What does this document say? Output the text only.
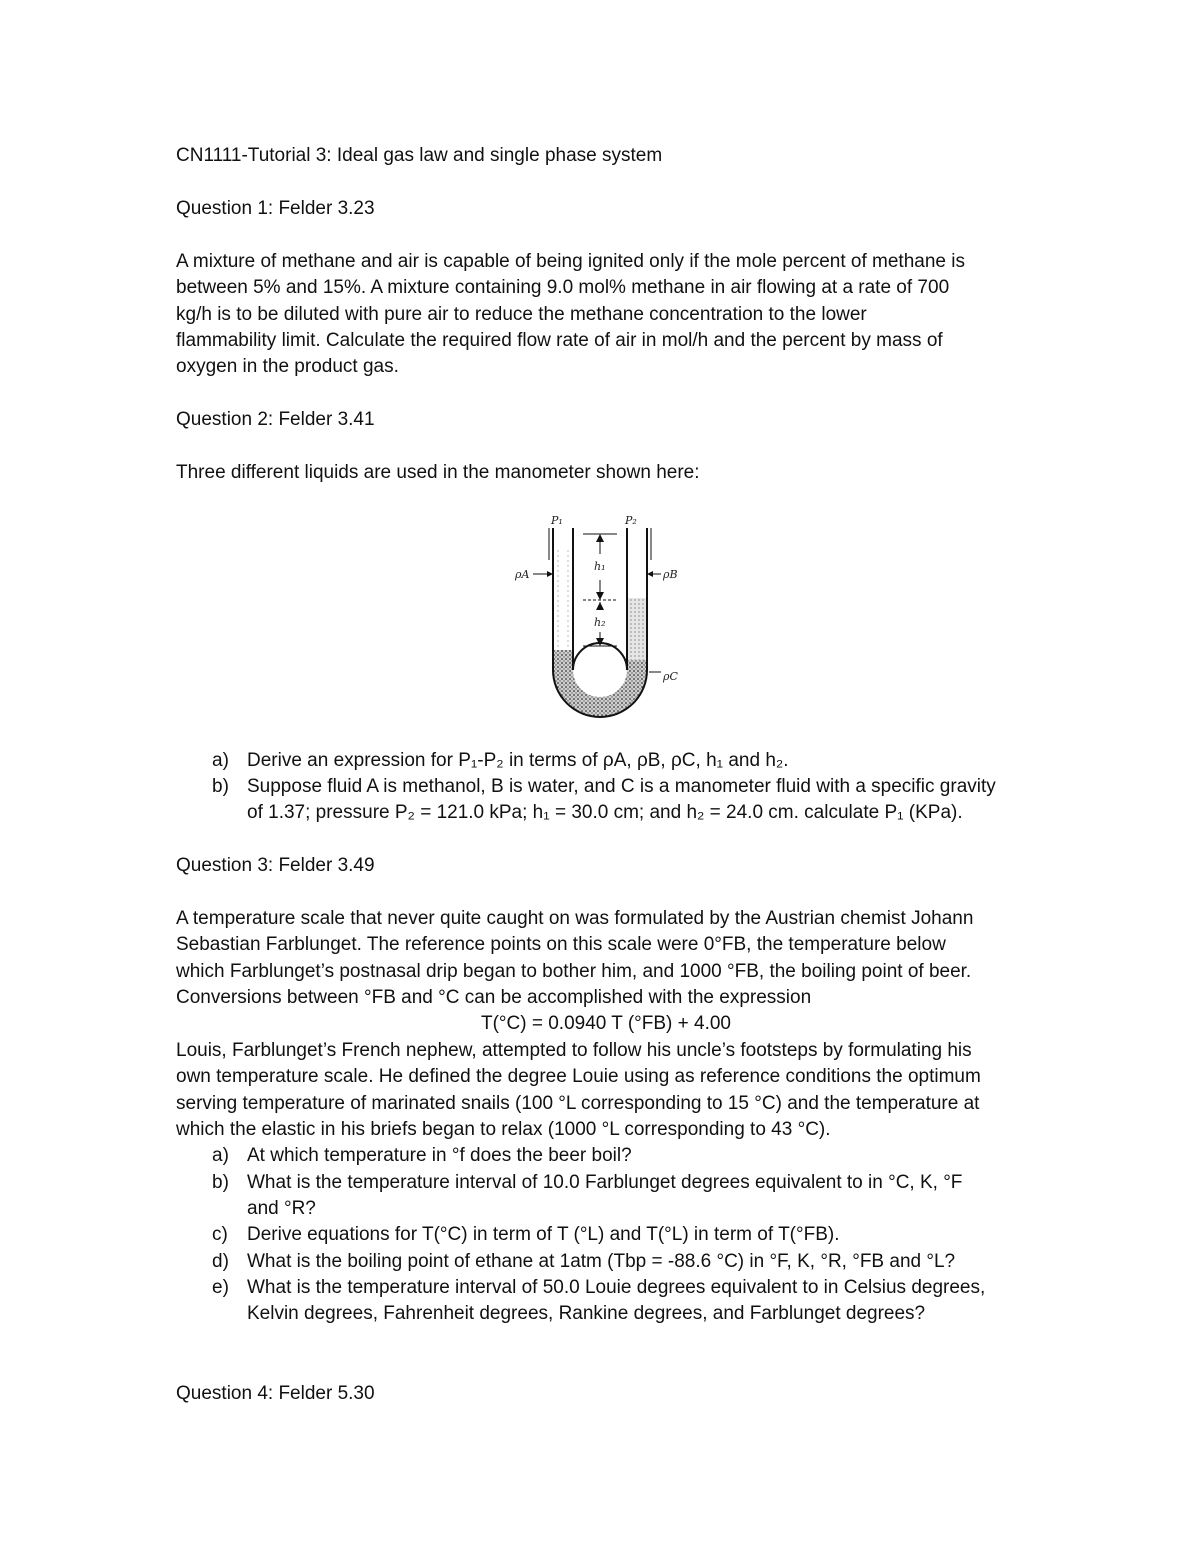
CN1111-Tutorial 3: Ideal gas law and single phase system
Question 1: Felder 3.23

A mixture of methane and air is capable of being ignited only if the mole percent of methane is

between 5% and 15%. A mixture containing 9.0 mol% methane in air flowing at a rate of 700

kg/h is to be diluted with pure air to reduce the methane concentration to the lower

flammability limit. Calculate the required flow rate of air in mol/h and the percent by mass of

oxygen in the product gas.

Question 2: Felder 3.41
Three different liquids are used in the manometer shown here:
P₁	P₂
h₁
h₂
ρA	ρB
ρC
a) Derive an expression for P₁-P₂ in terms of ρA, ρB, ρC, h₁ and h₂.
b) Suppose fluid A is methanol, B is water, and C is a manometer fluid with a specific gravity
of 1.37; pressure P₂ = 121.0 kPa; h₁ = 30.0 cm; and h₂ = 24.0 cm. calculate P₁ (KPa).
Question 3: Felder 3.49

A temperature scale that never quite caught on was formulated by the Austrian chemist Johann

Sebastian Farblunget. The reference points on this scale were 0°FB, the temperature below

which Farblunget’s postnasal drip began to bother him, and 1000 °FB, the boiling point of beer.

Conversions between °FB and °C can be accomplished with the expression

T(°C) = 0.0940 T (°FB) + 4.00

Louis, Farblunget’s French nephew, attempted to follow his uncle’s footsteps by formulating his

own temperature scale. He defined the degree Louie using as reference conditions the optimum

serving temperature of marinated snails (100 °L corresponding to 15 °C) and the temperature at

which the elastic in his briefs began to relax (1000 °L corresponding to 43 °C).

a) At which temperature in °f does the beer boil?
b) What is the temperature interval of 10.0 Farblunget degrees equivalent to in °C, K, °F
and °R?
c) Derive equations for T(°C) in term of T (°L) and T(°L) in term of T(°FB).
d) What is the boiling point of ethane at 1atm (Tbp = -88.6 °C) in °F, K, °R, °FB and °L?
e) What is the temperature interval of 50.0 Louie degrees equivalent to in Celsius degrees,
Kelvin degrees, Fahrenheit degrees, Rankine degrees, and Farblunget degrees?
Question 4: Felder 5.30
